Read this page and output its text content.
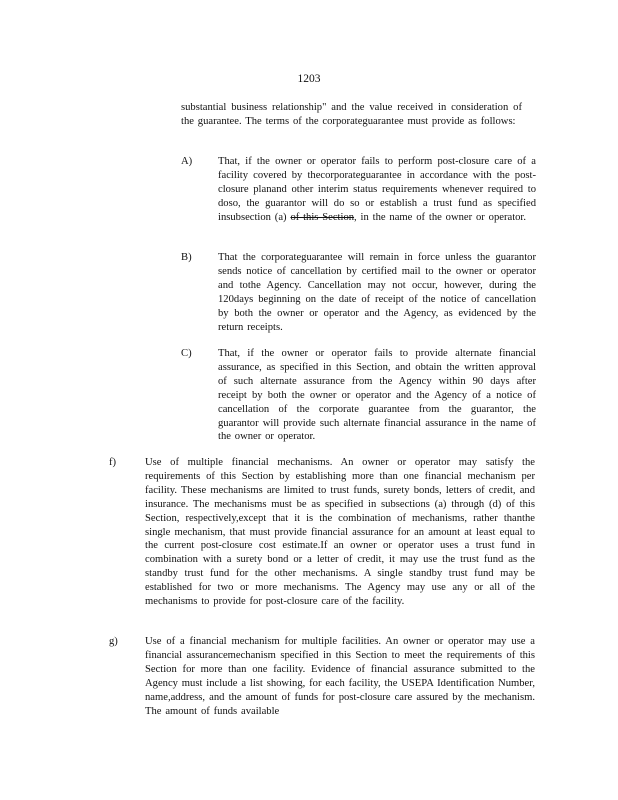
1203
substantial business relationship" and the value received in consideration of the guarantee. The terms of the corporateguarantee must provide as follows:
A) That, if the owner or operator fails to perform post-closure care of a facility covered by thecorporateguarantee in accordance with the post-closure planand other interim status requirements whenever required to doso, the guarantor will do so or establish a trust fund as specified insubsection (a) of this Section, in the name of the owner or operator.
B) That the corporateguarantee will remain in force unless the guarantor sends notice of cancellation by certified mail to the owner or operator and tothe Agency. Cancellation may not occur, however, during the 120days beginning on the date of receipt of the notice of cancellation by both the owner or operator and the Agency, as evidenced by the return receipts.
C) That, if the owner or operator fails to provide alternate financial assurance, as specified in this Section, and obtain the written approval of such alternate assurance from the Agency within 90 days after receipt by both the owner or operator and the Agency of a notice of cancellation of the corporate guarantee from the guarantor, the guarantor will provide such alternate financial assurance in the name of the owner or operator.
f)	Use of multiple financial mechanisms. An owner or operator may satisfy the requirements of this Section by establishing more than one financial mechanism per facility. These mechanisms are limited to trust funds, surety bonds, letters of credit, and insurance. The mechanisms must be as specified in subsections (a) through (d) of this Section, respectively,except that it is the combination of mechanisms, rather thanthe single mechanism, that must provide financial assurance for an amount at least equal to the current post-closure cost estimate.If an owner or operator uses a trust fund in combination with a surety bond or a letter of credit, it may use the trust fund as the standby trust fund for the other mechanisms. A single standby trust fund may be established for two or more mechanisms. The Agency may use any or all of the mechanisms to provide for post-closure care of the facility.
g)	Use of a financial mechanism for multiple facilities. An owner or operator may use a financial assurancemechanism specified in this Section to meet the requirements of this Section for more than one facility. Evidence of financial assurance submitted to the Agency must include a list showing, for each facility, the USEPA Identification Number, name,address, and the amount of funds for post-closure care assured by the mechanism. The amount of funds available
